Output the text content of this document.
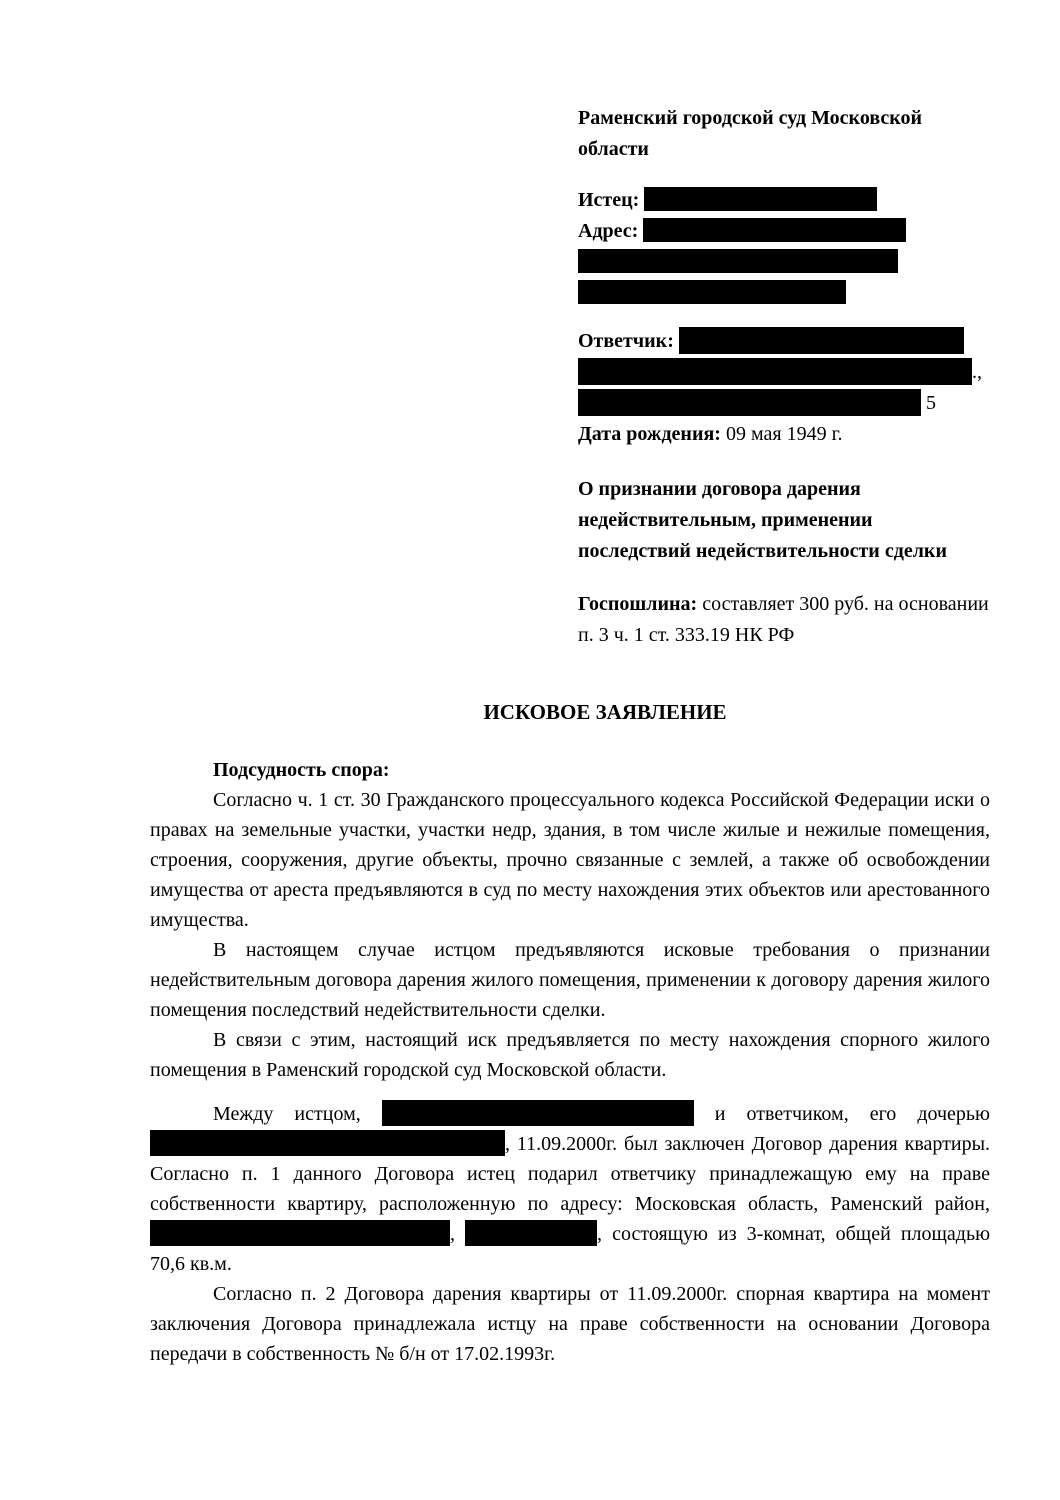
Раменский городской суд Московской области
Истец:
Адрес:
Ответчик:
.,
5
Дата рождения: 09 мая 1949 г.
О признании договора дарения недействительным, применении последствий недействительности сделки
Госпошлина: составляет 300 руб. на основании п. 3 ч. 1 ст. 333.19 НК РФ
ИСКОВОЕ ЗАЯВЛЕНИЕ

Подсудность спора:

Согласно ч. 1 ст. 30 Гражданского процессуального кодекса Российской Федерации иски о правах на земельные участки, участки недр, здания, в том числе жилые и нежилые помещения, строения, сооружения, другие объекты, прочно связанные с землей, а также об освобождении имущества от ареста предъявляются в суд по месту нахождения этих объектов или арестованного имущества.

В настоящем случае истцом предъявляются исковые требования о признании недействительным договора дарения жилого помещения, применении к договору дарения жилого помещения последствий недействительности сделки.

В связи с этим, настоящий иск предъявляется по месту нахождения спорного жилого помещения в Раменский городской суд Московской области.

Между истцом,	и ответчиком, его дочерью , 11.09.2000г. был заключен Договор дарения квартиры. Согласно п. 1 данного Договора истец подарил ответчику принадлежащую ему на праве собственности квартиру, расположенную по адресу: Московская область, Раменский район, ,	, состоящую из 3-комнат, общей площадью 70,6 кв.м.

Согласно п. 2 Договора дарения квартиры от 11.09.2000г. спорная квартира на момент заключения Договора принадлежала истцу на праве собственности на основании Договора передачи в собственность № б/н от 17.02.1993г.
